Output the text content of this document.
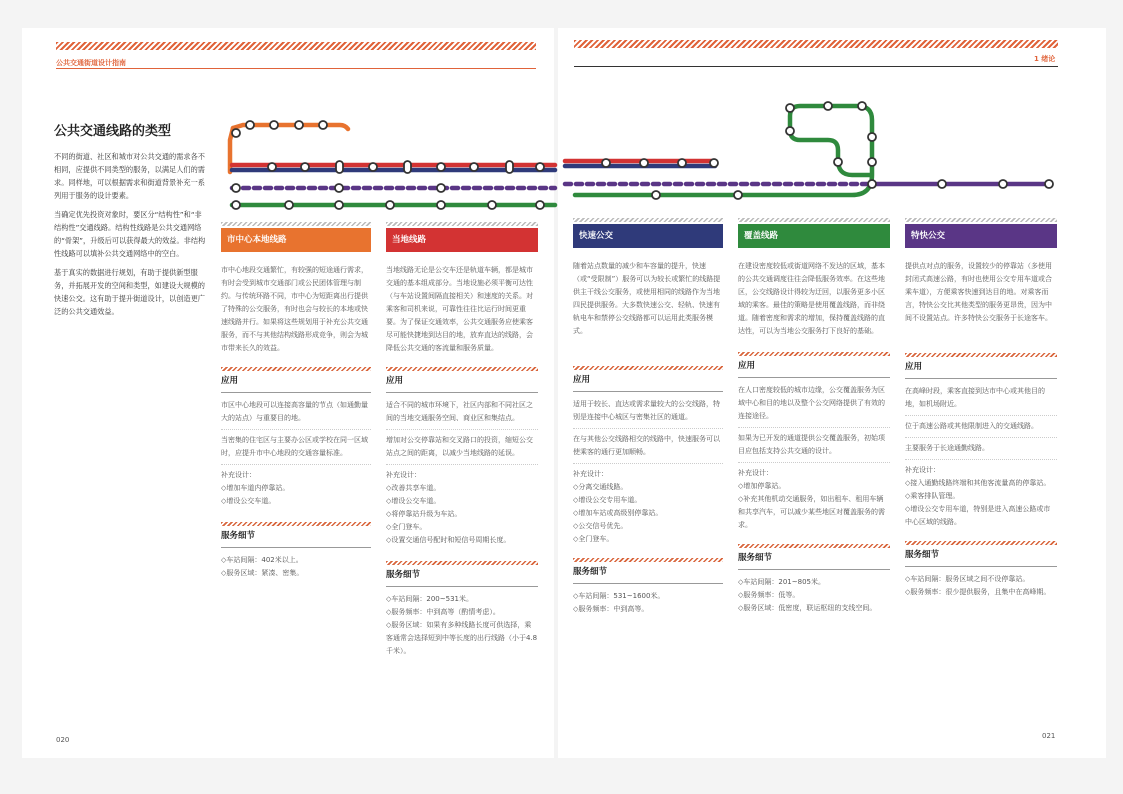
公共交通街道设计指南
公共交通线路的类型

不同的街道、社区和城市对公共交通的需求各不相同，应提供不同类型的服务，以满足人们的需求。同样地，可以根据需求和街道背景补充一系列用于服务的设计要素。

当确定优先投资对象时，要区分“结构性”和“非结构性”交通线路。结构性线路是公共交通网络的“骨架”，升级后可以获得最大的效益。非结构性线路可以填补公共交通网络中的空白。

基于真实的数据进行规划，有助于提供新型服务，并拓展开发的空间和类型，如建设大规模的快速公交。这有助于提升街道设计，以创造更广泛的公共交通效益。

020
1 绪论
021
市中心本地线路

市中心地段交通繁忙，有较强的短途通行需求，有时会受到城市交通部门或公民团体管理与制约。与传统环路不同，市中心为短距离出行提供了特殊的公交服务，有时也会与较长的本地或快速线路并行。如果将这些规划用于补充公共交通服务，而不与其他结构线路形成竞争，则会为城市带来长久的效益。

应用

市区中心地段可以连接高容量的节点（如通勤量大的站点）与重要目的地。

当密集的住宅区与主要办公区或学校在同一区域时，应提升市中心地段的交通容量标准。

补充设计：
◇增加车道内停靠站。
◇增设公交车道。
服务细节
◇车站间隔：402米以上。
◇服务区域：紧凑、密集。
当地线路

当地线路无论是公交车还是轨道车辆，都是城市交通的基本组成部分。当地设施必须平衡可达性（与车站设置间隔直接相关）和速度的关系。对乘客和司机来说，可靠性往往比运行时间更重要。为了保证交通效率，公共交通服务应使乘客尽可能快捷地到达目的地，放弃直达的线路，会降低公共交通的客流量和服务质量。

应用

适合不同的城市环境下，社区内部和不同社区之间的当地交通服务空间、商业区和集结点。

增加对公交停靠站和交叉路口的投资，缩短公交站点之间的距离，以减少当地线路的延误。

补充设计：
◇改善共享车道。
◇增设公交车道。
◇将停靠站升级为车站。
◇全门登车。
◇设置交通信号配时和短信号周期长度。
服务细节
◇车站间隔：200~531米。
◇服务频率：中到高等（酌情考虑）。
◇服务区域：如果有多种线路长度可供选择，乘客通常会选择短到中等长度的出行线路（小于4.8千米）。
快速公交

随着站点数量的减少和车容量的提升，快速（或“受限制”）服务可以为较长或繁忙的线路提供主干线公交服务，或使用相同的线路作为当地四民提供服务。大多数快速公交、轻轨、快速有轨电车和禁停公交线路都可以运用此类服务模式。

应用

适用于较长、直达或需求量较大的公交线路，特别是连接中心城区与密集社区的通道。

在与其他公交线路相交的线路中，快速服务可以使乘客的通行更加顺畅。

补充设计：
◇分离交通线路。
◇增设公交专用车道。
◇增加车站或高级别停靠站。
◇公交信号优先。
◇全门登车。
服务细节
◇车站间隔：531~1600米。
◇服务频率：中到高等。
覆盖线路

在建设密度较低或街道网络不发达的区域，基本的公共交通调度往往会降低服务效率。在这些地区，公交线路设计得较为迂回，以服务更多小区域的乘客。最佳的策略是使用覆盖线路，而非绕道。随着密度和需求的增加，保持覆盖线路的直达性，可以为当地公交服务打下良好的基础。

应用

在人口密度较低的城市边缘，公交覆盖服务为区域中心和目的地以及整个公交网络提供了有效的连接途径。

如果为已开发的通道提供公交覆盖服务，初始项目应包括支持公共交通的设计。

补充设计：
◇增加停靠站。
◇补充其他机动交通服务，如出租车、租用车辆和共享汽车，可以减少某些地区对覆盖服务的需求。
服务细节
◇车站间隔：201~805米。
◇服务频率：低等。
◇服务区域：低密度，联运枢纽的支线空间。
特快公交

提供点对点的服务，设置较少的停靠站（多使用封闭式高速公路，有时也使用公交专用车道或合乘车道），方便乘客快速到达目的地。对乘客而言，特快公交比其他类型的服务更昂贵，因为中间不设置站点。许多特快公交服务于长途客车。

应用

在高峰时段，乘客直接到达市中心或其他目的地，如机场附近。

位于高速公路或其他限制进入的交通线路。

主要服务于长途通勤线路。

补充设计：
◇接入通勤线路终端和其他客流量高的停靠站。
◇乘客排队管理。
◇增设公交专用车道，特别是进入高速公路或市中心区域的线路。
服务细节
◇车站间隔：服务区域之间不设停靠站。
◇服务频率：很少提供服务，且集中在高峰期。
